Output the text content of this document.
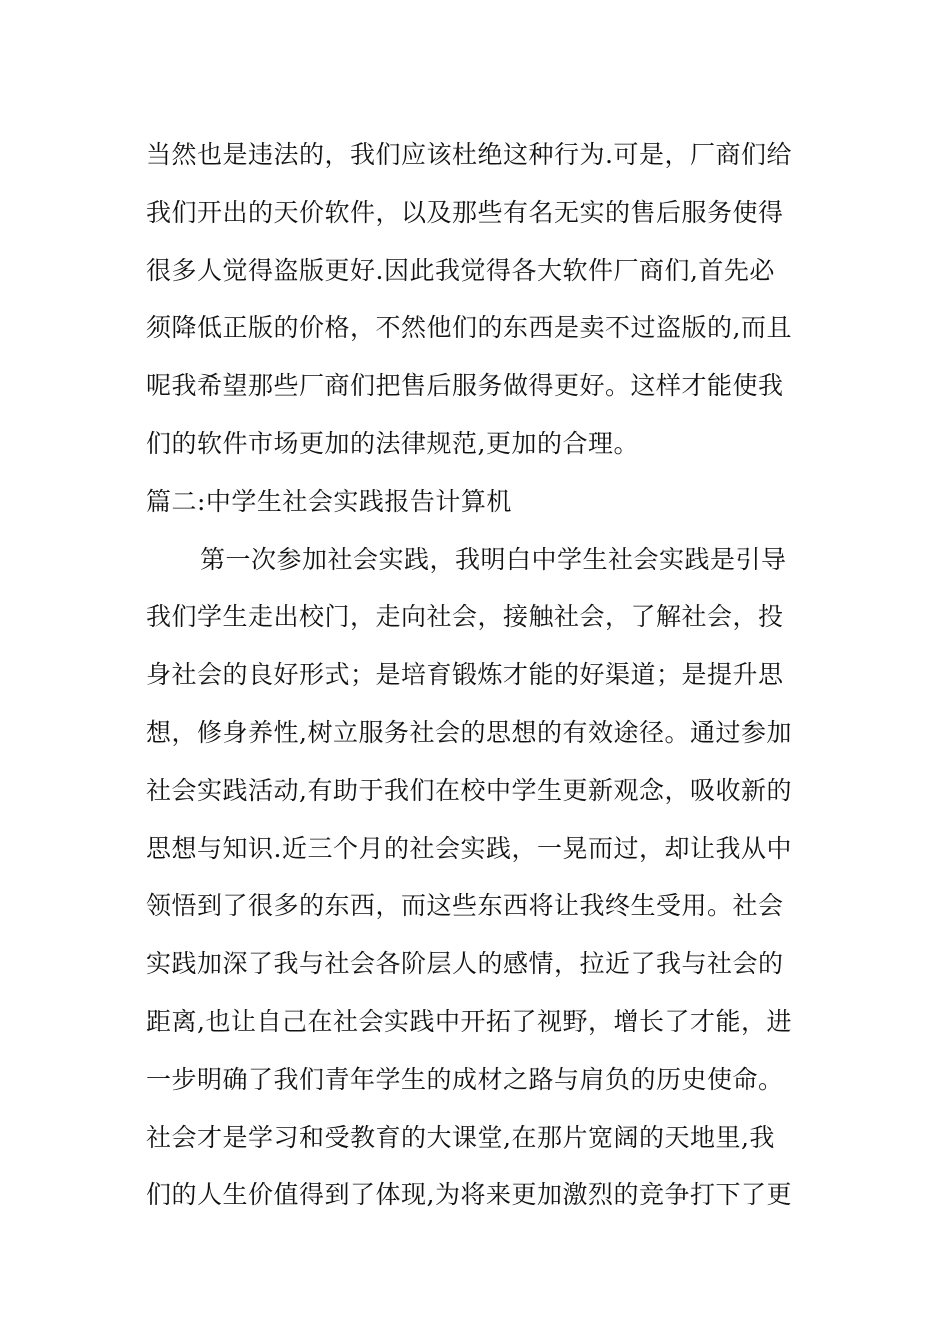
当然也是违法的，我们应该杜绝这种行为.可是，厂商们给
我们开出的天价软件，以及那些有名无实的售后服务使得
很多人觉得盗版更好.因此我觉得各大软件厂商们,首先必
须降低正版的价格，不然他们的东西是卖不过盗版的,而且
呢我希望那些厂商们把售后服务做得更好。这样才能使我
们的软件市场更加的法律规范,更加的合理。
篇二:中学生社会实践报告计算机
第一次参加社会实践，我明白中学生社会实践是引导
我们学生走出校门，走向社会，接触社会，了解社会，投
身社会的良好形式；是培育锻炼才能的好渠道；是提升思
想，修身养性,树立服务社会的思想的有效途径。通过参加
社会实践活动,有助于我们在校中学生更新观念，吸收新的
思想与知识.近三个月的社会实践，一晃而过，却让我从中
领悟到了很多的东西，而这些东西将让我终生受用。社会
实践加深了我与社会各阶层人的感情，拉近了我与社会的
距离,也让自己在社会实践中开拓了视野，增长了才能，进
一步明确了我们青年学生的成材之路与肩负的历史使命。
社会才是学习和受教育的大课堂,在那片宽阔的天地里,我
们的人生价值得到了体现,为将来更加激烈的竞争打下了更
